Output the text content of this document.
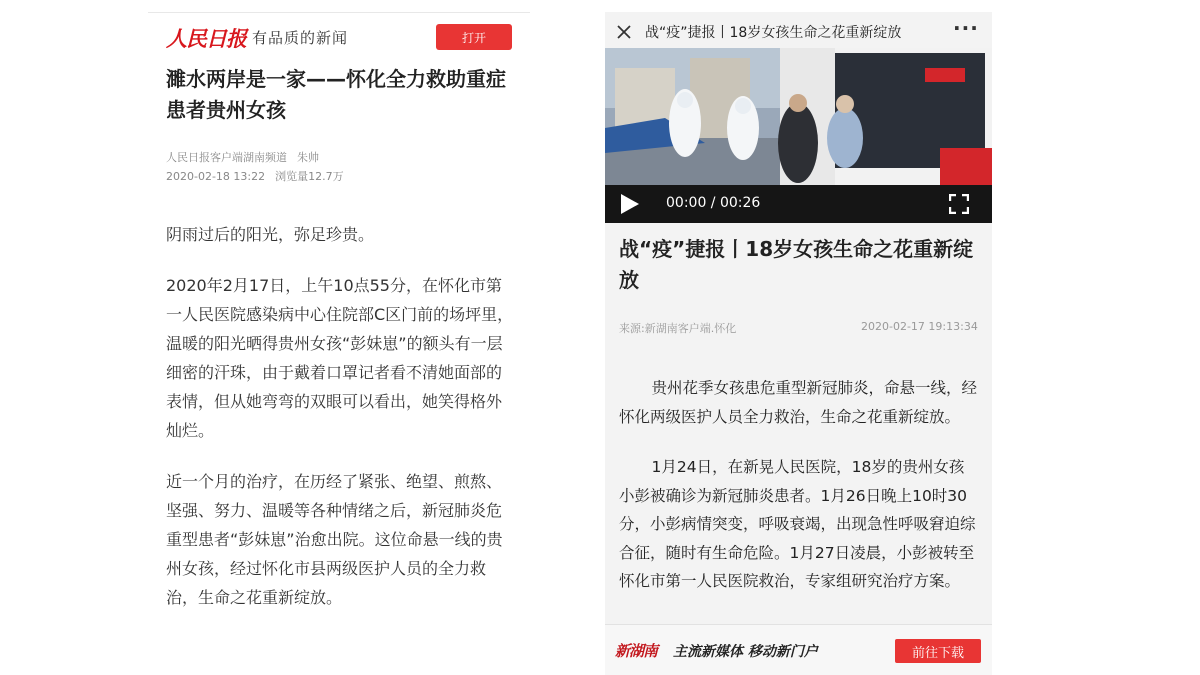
人民日报 有品质的新闻	打开
濉水两岸是一家——怀化全力救助重症患者贵州女孩
人民日报客户端湖南频道 朱帅
2020-02-18 13:22 浏览量12.7万

阴雨过后的阳光，弥足珍贵。

2020年2月17日，上午10点55分，在怀化市第一人民医院感染病中心住院部C区门前的场坪里，温暖的阳光晒得贵州女孩“彭妹崽”的额头有一层细密的汗珠，由于戴着口罩记者看不清她面部的表情，但从她弯弯的双眼可以看出，她笑得格外灿烂。

近一个月的治疗，在历经了紧张、绝望、煎熬、坚强、努力、温暖等各种情绪之后，新冠肺炎危重型患者“彭妹崽”治愈出院。这位命悬一线的贵州女孩，经过怀化市县两级医护人员的全力救治，生命之花重新绽放。

战“疫”捷报丨18岁女孩生命之花重新绽放	···
00:00 / 00:26
战“疫”捷报丨18岁女孩生命之花重新绽放
来源:新湖南客户端.怀化	2020-02-17 19:13:34

贵州花季女孩患危重型新冠肺炎，命悬一线，经怀化两级医护人员全力救治，生命之花重新绽放。

1月24日，在新晃人民医院，18岁的贵州女孩小彭被确诊为新冠肺炎患者。1月26日晚上10时30分，小彭病情突变，呼吸衰竭，出现急性呼吸窘迫综合征，随时有生命危险。1月27日凌晨，小彭被转至怀化市第一人民医院救治，专家组研究治疗方案。

新湖南	主流新媒体 移动新门户	前往下载
